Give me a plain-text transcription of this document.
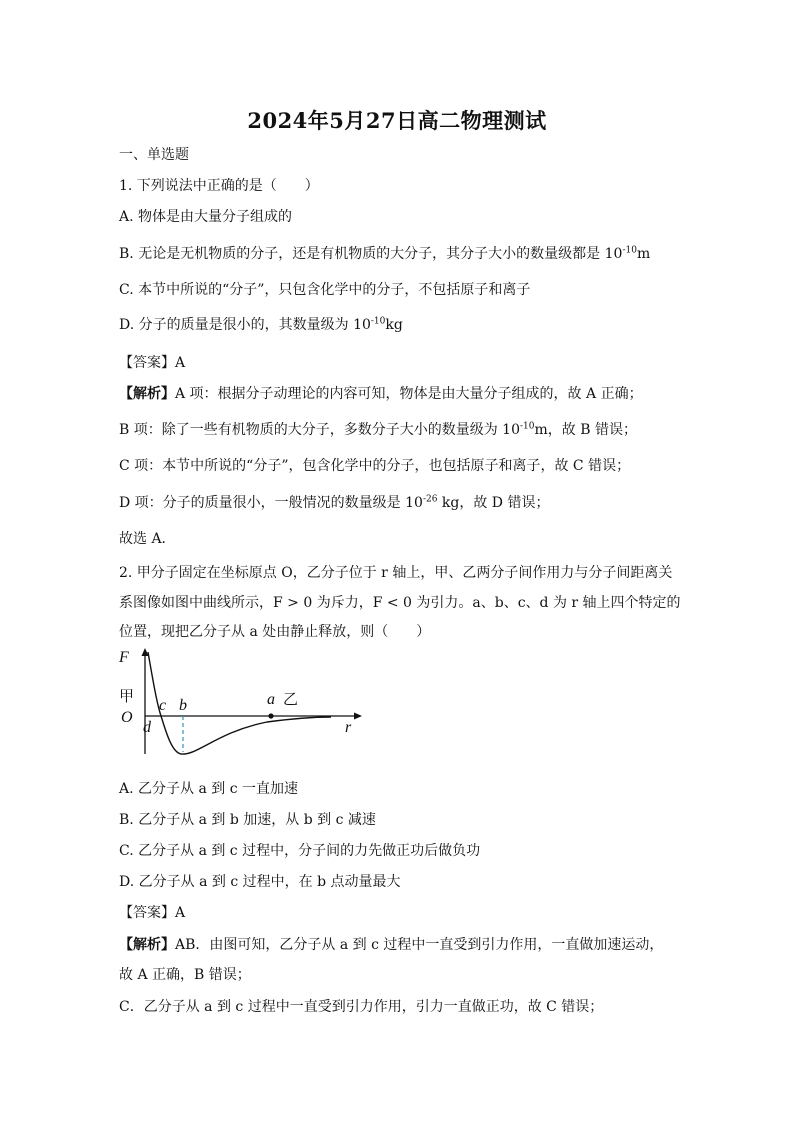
2024年5月27日高二物理测试
一、单选题
1. 下列说法中正确的是（　　）
A. 物体是由大量分子组成的
B. 无论是无机物质的分子，还是有机物质的大分子，其分子大小的数量级都是 $10^{-10}m$
C. 本节中所说的“分子”，只包含化学中的分子，不包括原子和离子
D. 分子的质量是很小的，其数量级为 $10^{-10}kg$
【答案】A
【解析】A 项：根据分子动理论的内容可知，物体是由大量分子组成的，故 A 正确；
B 项：除了一些有机物质的大分子，多数分子大小的数量级为 $10^{-10}m$，故 B 错误；
C 项：本节中所说的“分子”，包含化学中的分子，也包括原子和离子，故 C 错误；
D 项：分子的质量很小，一般情况的数量级是 $10^{-26}$ kg，故 D 错误；
故选 A．
2. 甲分子固定在坐标原点 O，乙分子位于 r 轴上，甲、乙两分子间作用力与分子间距离关
系图像如图中曲线所示，F > 0 为斥力，F < 0 为引力。a、b、c、d 为 r 轴上四个特定的
位置，现把乙分子从 a 处由静止释放，则（　　）
F
甲
O
c b
d
a 乙
r
A. 乙分子从 a 到 c 一直加速
B. 乙分子从 a 到 b 加速，从 b 到 c 减速
C. 乙分子从 a 到 c 过程中，分子间的力先做正功后做负功
D. 乙分子从 a 到 c 过程中，在 b 点动量最大
【答案】A
【解析】AB．由图可知，乙分子从 a 到 c 过程中一直受到引力作用，一直做加速运动，
故 A 正确，B 错误；
C．乙分子从 a 到 c 过程中一直受到引力作用，引力一直做正功，故 C 错误；
